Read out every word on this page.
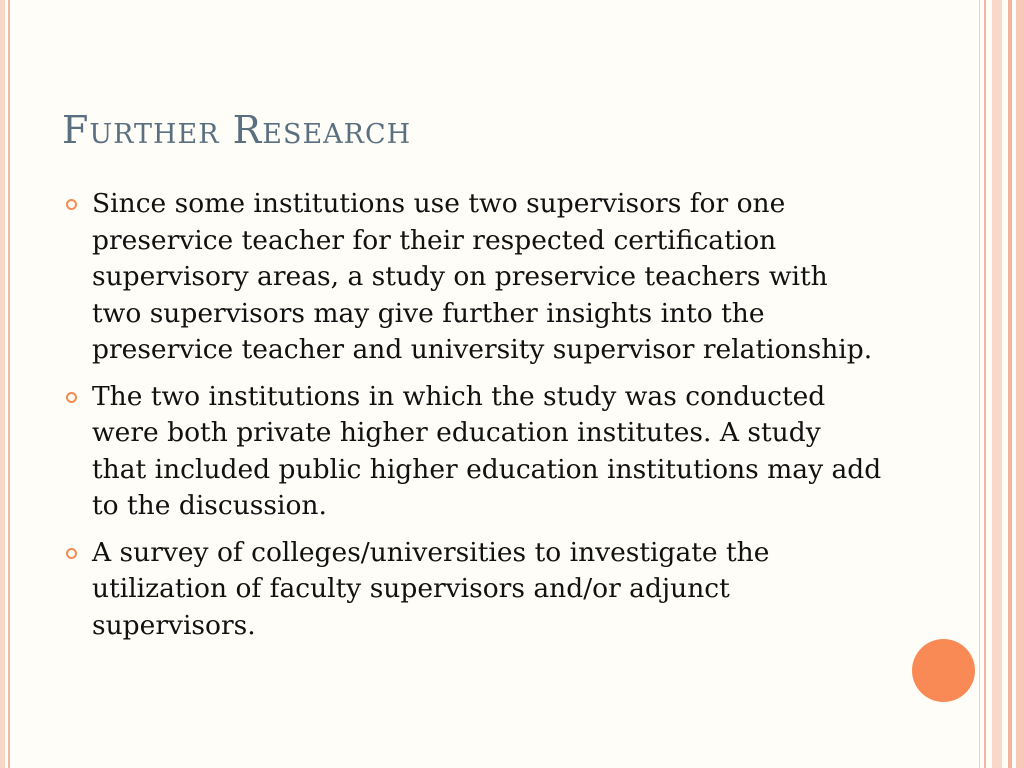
Further Research
Since some institutions use two supervisors for one preservice teacher for their respected certification supervisory areas, a study on preservice teachers with two supervisors may give further insights into the preservice teacher and university supervisor relationship.
The two institutions in which the study was conducted were both private higher education institutes. A study that included public higher education institutions may add to the discussion.
A survey of colleges/universities to investigate the utilization of faculty supervisors and/or adjunct supervisors.
